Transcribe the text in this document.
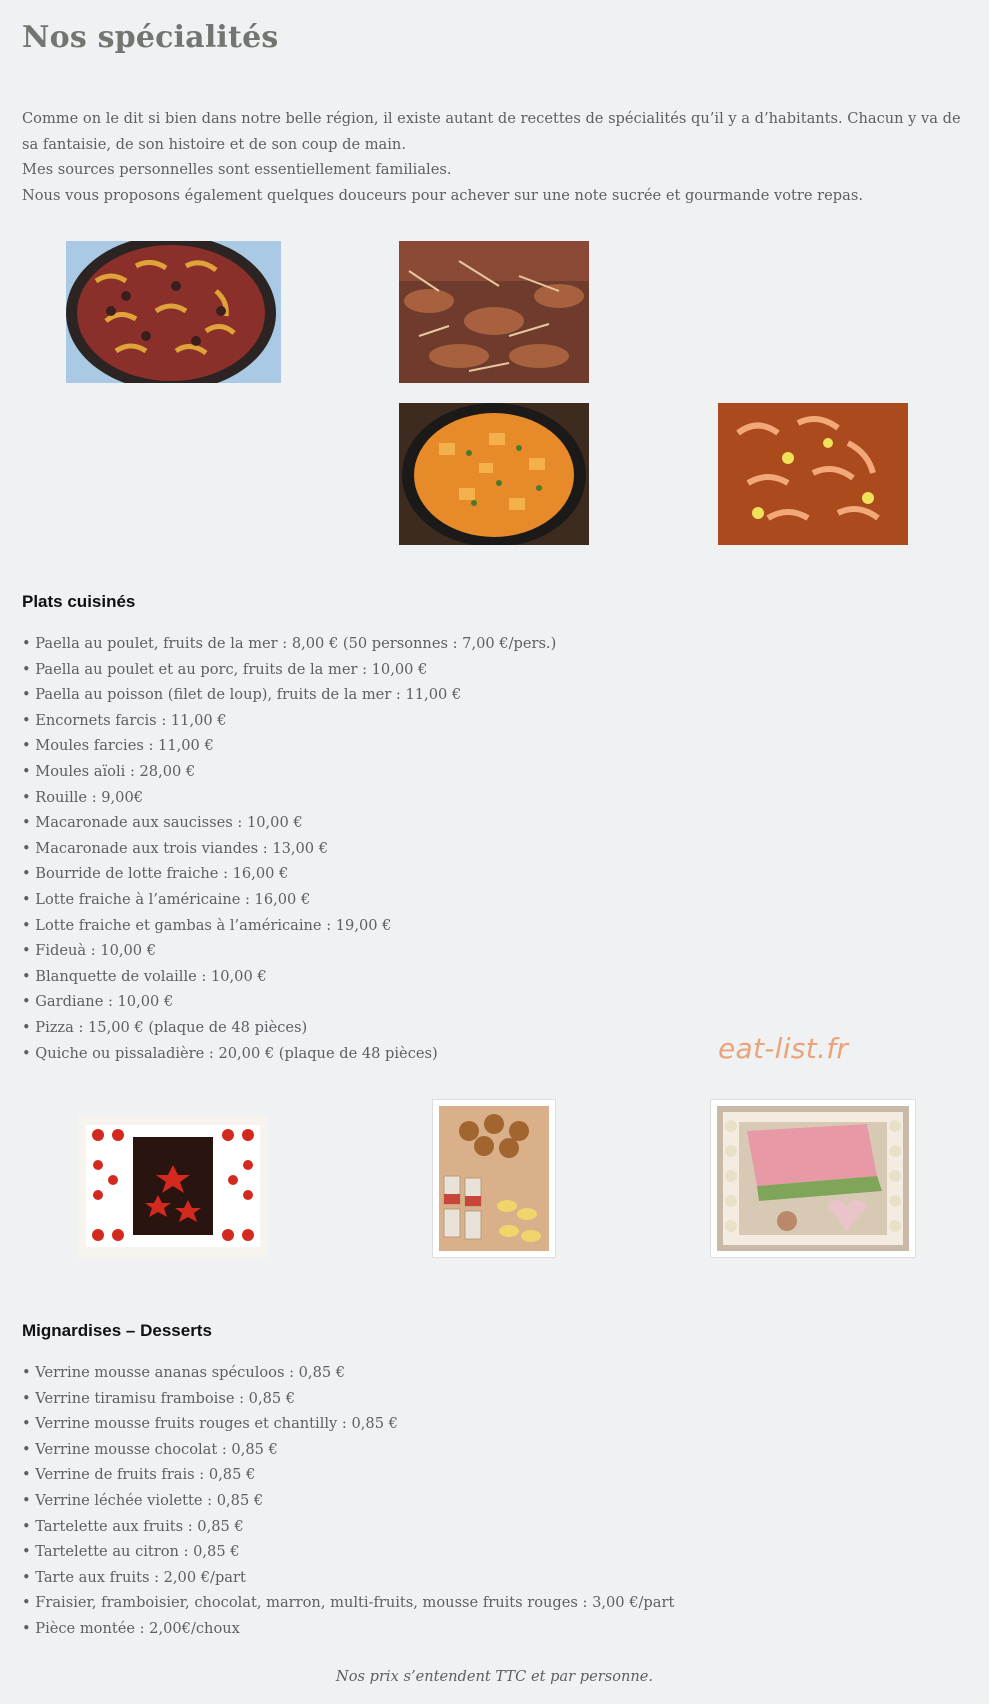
Nos spécialités

Comme on le dit si bien dans notre belle région, il existe autant de recettes de spécialités qu’il y a d’habitants. Chacun y va de sa fantaisie, de son histoire et de son coup de main.

Mes sources personnelles sont essentiellement familiales.

Nous vous proposons également quelques douceurs pour achever sur une note sucrée et gourmande votre repas.

Plats cuisinés
• Paella au poulet, fruits de la mer : 8,00 € (50 personnes : 7,00 €/pers.)
• Paella au poulet et au porc, fruits de la mer : 10,00 €
• Paella au poisson (filet de loup), fruits de la mer : 11,00 €
• Encornets farcis : 11,00 €
• Moules farcies : 11,00 €
• Moules aïoli : 28,00 €
• Rouille : 9,00€
• Macaronade aux saucisses : 10,00 €
• Macaronade aux trois viandes : 13,00 €
• Bourride de lotte fraiche : 16,00 €
• Lotte fraiche à l’américaine : 16,00 €
• Lotte fraiche et gambas à l’américaine : 19,00 €
• Fideuà : 10,00 €
• Blanquette de volaille : 10,00 €
• Gardiane : 10,00 €
• Pizza : 15,00 € (plaque de 48 pièces)
• Quiche ou pissaladière : 20,00 € (plaque de 48 pièces)	eat-list.fr
Mignardises – Desserts
• Verrine mousse ananas spéculoos : 0,85 €
• Verrine tiramisu framboise : 0,85 €
• Verrine mousse fruits rouges et chantilly : 0,85 €
• Verrine mousse chocolat : 0,85 €
• Verrine de fruits frais : 0,85 €
• Verrine léchée violette : 0,85 €
• Tartelette aux fruits : 0,85 €
• Tartelette au citron : 0,85 €
• Tarte aux fruits : 2,00 €/part
• Fraisier, framboisier, chocolat, marron, multi-fruits, mousse fruits rouges : 3,00 €/part
• Pièce montée : 2,00€/choux
Nos prix s’entendent TTC et par personne.
